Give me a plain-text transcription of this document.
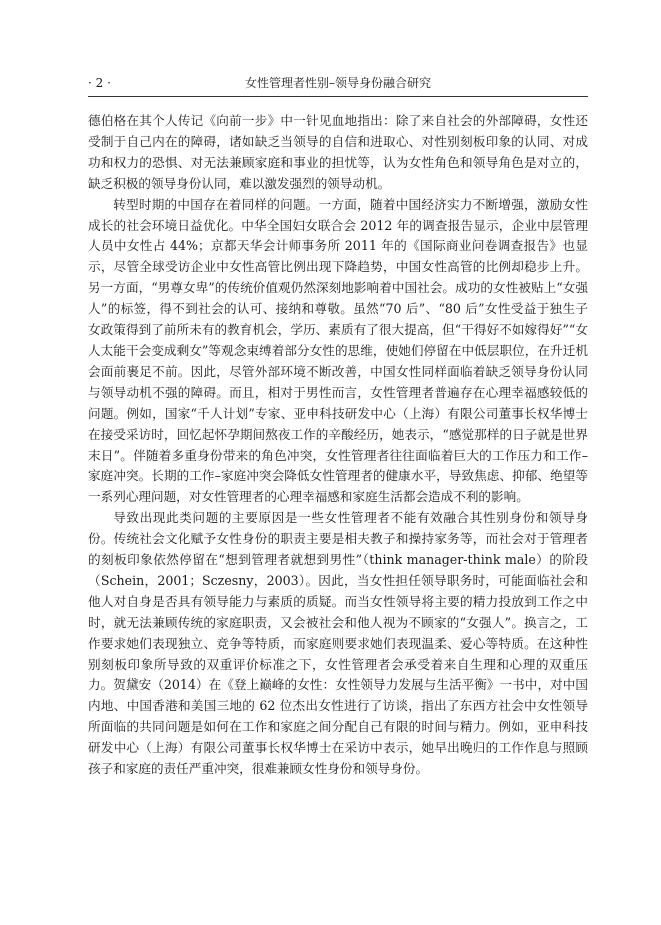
· 2 ·	女性管理者性别–领导身份融合研究

德伯格在其个人传记《向前一步》中一针见血地指出：除了来自社会的外部障碍，女性还受制于自己内在的障碍，诸如缺乏当领导的自信和进取心、对性别刻板印象的认同、对成功和权力的恐惧、对无法兼顾家庭和事业的担忧等，认为女性角色和领导角色是对立的，缺乏积极的领导身份认同，难以激发强烈的领导动机。

转型时期的中国存在着同样的问题。一方面，随着中国经济实力不断增强，激励女性成长的社会环境日益优化。中华全国妇女联合会 2012 年的调查报告显示，企业中层管理人员中女性占 44%；京都天华会计师事务所 2011 年的《国际商业问卷调查报告》也显示，尽管全球受访企业中女性高管比例出现下降趋势，中国女性高管的比例却稳步上升。另一方面，“男尊女卑”的传统价值观仍然深刻地影响着中国社会。成功的女性被贴上“女强人”的标签，得不到社会的认可、接纳和尊敬。虽然“70 后”、“80 后”女性受益于独生子女政策得到了前所未有的教育机会，学历、素质有了很大提高，但“干得好不如嫁得好”“女人太能干会变成剩女”等观念束缚着部分女性的思维，使她们停留在中低层职位，在升迁机会面前裹足不前。因此，尽管外部环境不断改善，中国女性同样面临着缺乏领导身份认同与领导动机不强的障碍。而且，相对于男性而言，女性管理者普遍存在心理幸福感较低的问题。例如，国家“千人计划”专家、亚申科技研发中心（上海）有限公司董事长权华博士在接受采访时，回忆起怀孕期间熬夜工作的辛酸经历，她表示，“感觉那样的日子就是世界末日”。伴随着多重身份带来的角色冲突，女性管理者往往面临着巨大的工作压力和工作–家庭冲突。长期的工作–家庭冲突会降低女性管理者的健康水平，导致焦虑、抑郁、绝望等一系列心理问题，对女性管理者的心理幸福感和家庭生活都会造成不利的影响。

导致出现此类问题的主要原因是一些女性管理者不能有效融合其性别身份和领导身份。传统社会文化赋予女性身份的职责主要是相夫教子和操持家务等，而社会对于管理者的刻板印象依然停留在“想到管理者就想到男性”（think manager-think male）的阶段（Schein，2001；Sczesny，2003）。因此，当女性担任领导职务时，可能面临社会和他人对自身是否具有领导能力与素质的质疑。而当女性领导将主要的精力投放到工作之中时，就无法兼顾传统的家庭职责，又会被社会和他人视为不顾家的“女强人”。换言之，工作要求她们表现独立、竞争等特质，而家庭则要求她们表现温柔、爱心等特质。在这种性别刻板印象所导致的双重评价标准之下，女性管理者会承受着来自生理和心理的双重压力。贺黛安（2014）在《登上巅峰的女性：女性领导力发展与生活平衡》一书中，对中国内地、中国香港和美国三地的 62 位杰出女性进行了访谈，指出了东西方社会中女性领导所面临的共同问题是如何在工作和家庭之间分配自己有限的时间与精力。例如，亚申科技研发中心（上海）有限公司董事长权华博士在采访中表示，她早出晚归的工作作息与照顾孩子和家庭的责任严重冲突，很难兼顾女性身份和领导身份。
